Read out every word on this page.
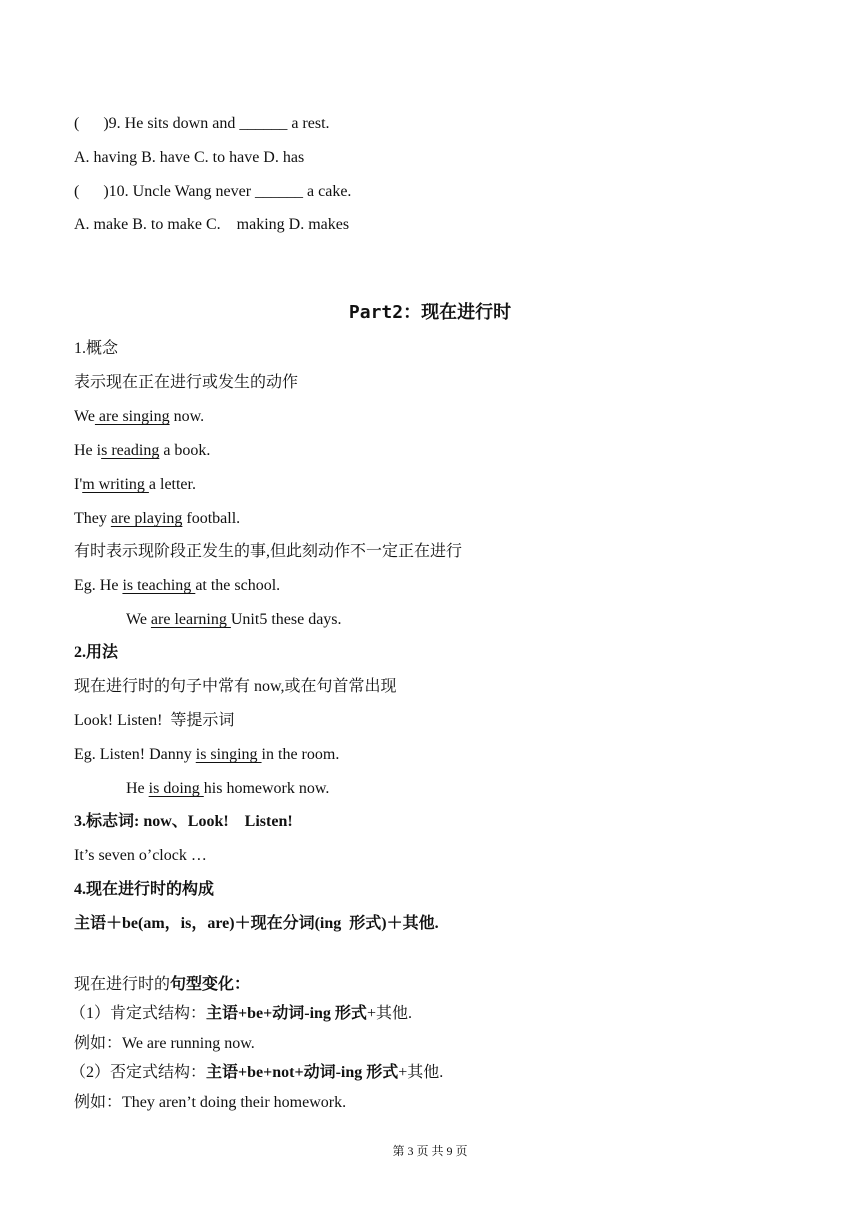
(      )9. He sits down and ______ a rest.
A. having B. have C. to have D. has
(      )10. Uncle Wang never ______ a cake.
A. make B. to make C.    making D. makes
Part2：现在进行时
1.概念
表示现在正在进行或发生的动作
We are singing now.
He is reading a book.
I'm writing a letter.
They are playing football.
有时表示现阶段正发生的事,但此刻动作不一定正在进行
Eg. He is teaching at the school.
We are learning Unit5 these days.
2.用法
现在进行时的句子中常有 now,或在句首常出现
Look! Listen!  等提示词
Eg. Listen! Danny is singing in the room.
He is doing his homework now.
3.标志词: now、Look!    Listen!
It’s seven o’clock …
4.现在进行时的构成
主语＋be(am，is，are)＋现在分词(ing  形式)＋其他.
现在进行时的句型变化：
（1）肯定式结构：主语+be+动词-ing 形式+其他.
例如：We are running now.
（2）否定式结构：主语+be+not+动词-ing 形式+其他.
例如：They aren’t doing their homework.
第 3 页 共 9 页
